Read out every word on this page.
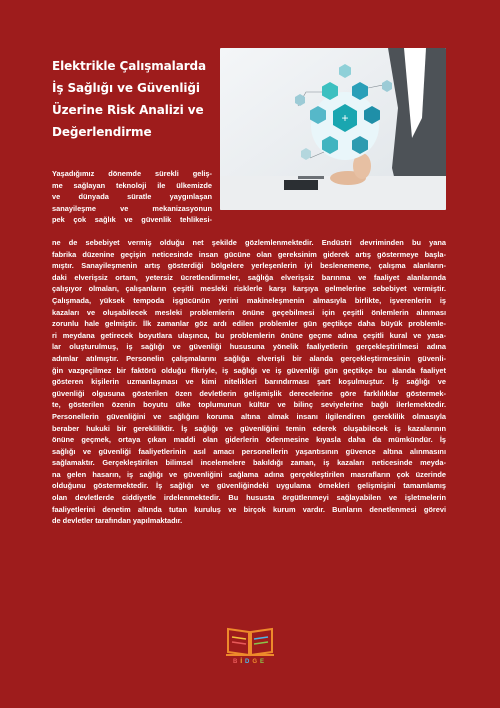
Elektrikle Çalışmalarda
İş Sağlığı ve Güvenliği
Üzerine Risk Analizi ve
Değerlendirme
+

Yaşadığımız dönemde sürekli geliş-
me sağlayan teknoloji ile ülkemizde
ve dünyada süratle yaygınlaşan
sanayileşme ve mekanizasyonun
pek çok sağlık ve güvenlik tehlikesi-

ne de sebebiyet vermiş olduğu net şekilde gözlemlenmektedir. Endüstri devriminden bu yana
fabrika düzenine geçişin neticesinde insan gücüne olan gereksinim giderek artış göstermeye başla-
mıştır. Sanayileşmenin artış gösterdiği bölgelere yerleşenlerin iyi beslenememe, çalışma alanların-
daki elverişsiz ortam, yetersiz ücretlendirmeler, sağlığa elverişsiz barınma ve faaliyet alanlarında
çalışıyor olmaları, çalışanların çeşitli mesleki risklerle karşı karşıya gelmelerine sebebiyet vermiştir.
Çalışmada, yüksek tempoda işgücünün yerini makineleşmenin almasıyla birlikte, işverenlerin iş
kazaları ve oluşabilecek mesleki problemlerin önüne geçebilmesi için çeşitli önlemlerin alınması
zorunlu hale gelmiştir. İlk zamanlar göz ardı edilen problemler gün geçtikçe daha büyük problemle-
ri meydana getirecek boyutlara ulaşınca, bu problemlerin önüne geçme adına çeşitli kural ve yasa-
lar oluşturulmuş, iş sağlığı ve güvenliği hususuna yönelik faaliyetlerin gerçekleştirilmesi adına
adımlar atılmıştır. Personelin çalışmalarını sağlığa elverişli bir alanda gerçekleştirmesinin güvenli-
ğin vazgeçilmez bir faktörü olduğu fikriyle, iş sağlığı ve iş güvenliği gün geçtikçe bu alanda faaliyet
gösteren kişilerin uzmanlaşması ve kimi nitelikleri barındırması şart koşulmuştur. İş sağlığı ve
güvenliği olgusuna gösterilen özen devletlerin gelişmişlik derecelerine göre farklılıklar göstermek-
te, gösterilen özenin boyutu ülke toplumunun kültür ve bilinç seviyelerine bağlı ilerlemektedir.
Personellerin güvenliğini ve sağlığını koruma altına almak insanı ilgilendiren gereklilik olmasıyla
beraber hukuki bir gerekliliktir. İş sağlığı ve güvenliğini temin ederek oluşabilecek iş kazalarının
önüne geçmek, ortaya çıkan maddi olan giderlerin ödenmesine kıyasla daha da mümkündür. İş
sağlığı ve güvenliği faaliyetlerinin asıl amacı personellerin yaşantısının güvence altına alınmasını
sağlamaktır. Gerçekleştirilen bilimsel incelemelere bakıldığı zaman, iş kazaları neticesinde meyda-
na gelen hasarın, iş sağlığı ve güvenliğini sağlama adına gerçekleştirilen masrafların çok üzerinde
olduğunu göstermektedir. İş sağlığı ve güvenliğindeki uygulama örnekleri gelişmişini tamamlamış
olan devletlerde ciddiyetle irdelenmektedir. Bu hususta örgütlenmeyi sağlayabilen ve işletmelerin
faaliyetlerini denetim altında tutan kuruluş ve birçok kurum vardır. Bunların denetlenmesi görevi
de devletler tarafından yapılmaktadır.

BİDGE
